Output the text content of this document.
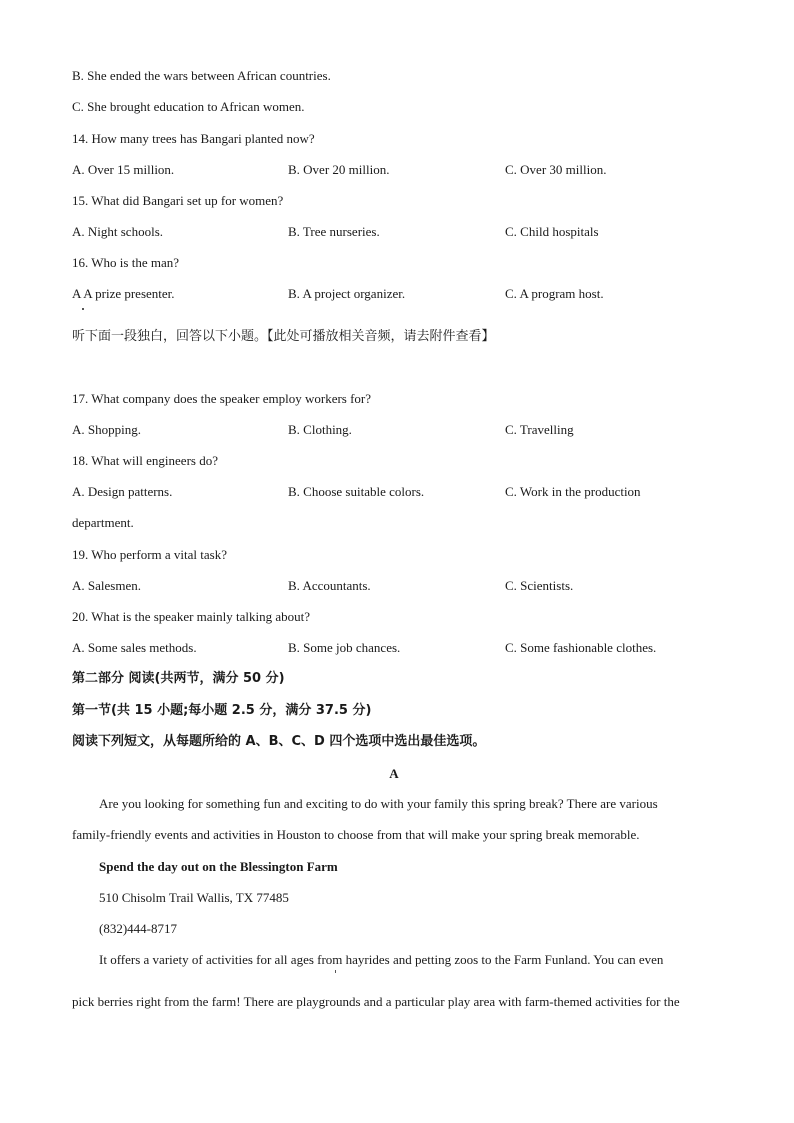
B. She ended the wars between African countries.
C. She brought education to African women.
14. How many trees has Bangari planted now?
A. Over 15 million.	B. Over 20 million.	C. Over 30 million.
15. What did Bangari set up for women?
A. Night schools.	B. Tree nurseries.	C. Child hospitals
16. Who is the man?
A A prize presenter.	B. A project organizer.	C. A program host.
听下面一段独白，回答以下小题。【此处可播放相关音频，请去附件查看】
17. What company does the speaker employ workers for?
A. Shopping.	B. Clothing.	C. Travelling
18. What will engineers do?
A. Design patterns.	B. Choose suitable colors.	C. Work in the production
department.
19. Who perform a vital task?
A. Salesmen.	B. Accountants.	C. Scientists.
20. What is the speaker mainly talking about?
A. Some sales methods.	B. Some job chances.	C. Some fashionable clothes.
第二部分 阅读(共两节，满分 50 分)
第一节(共 15 小题;每小题 2.5 分，满分 37.5 分)
阅读下列短文，从每题所给的 A、B、C、D 四个选项中选出最佳选项。
A
Are you looking for something fun and exciting to do with your family this spring break? There are various
family-friendly events and activities in Houston to choose from that will make your spring break memorable.
Spend the day out on the Blessington Farm
510 Chisolm Trail Wallis, TX 77485
(832)444-8717
It offers a variety of activities for all ages from hayrides and petting zoos to the Farm Funland. You can even
pick berries right from the farm! There are playgrounds and a particular play area with farm-themed activities for the
